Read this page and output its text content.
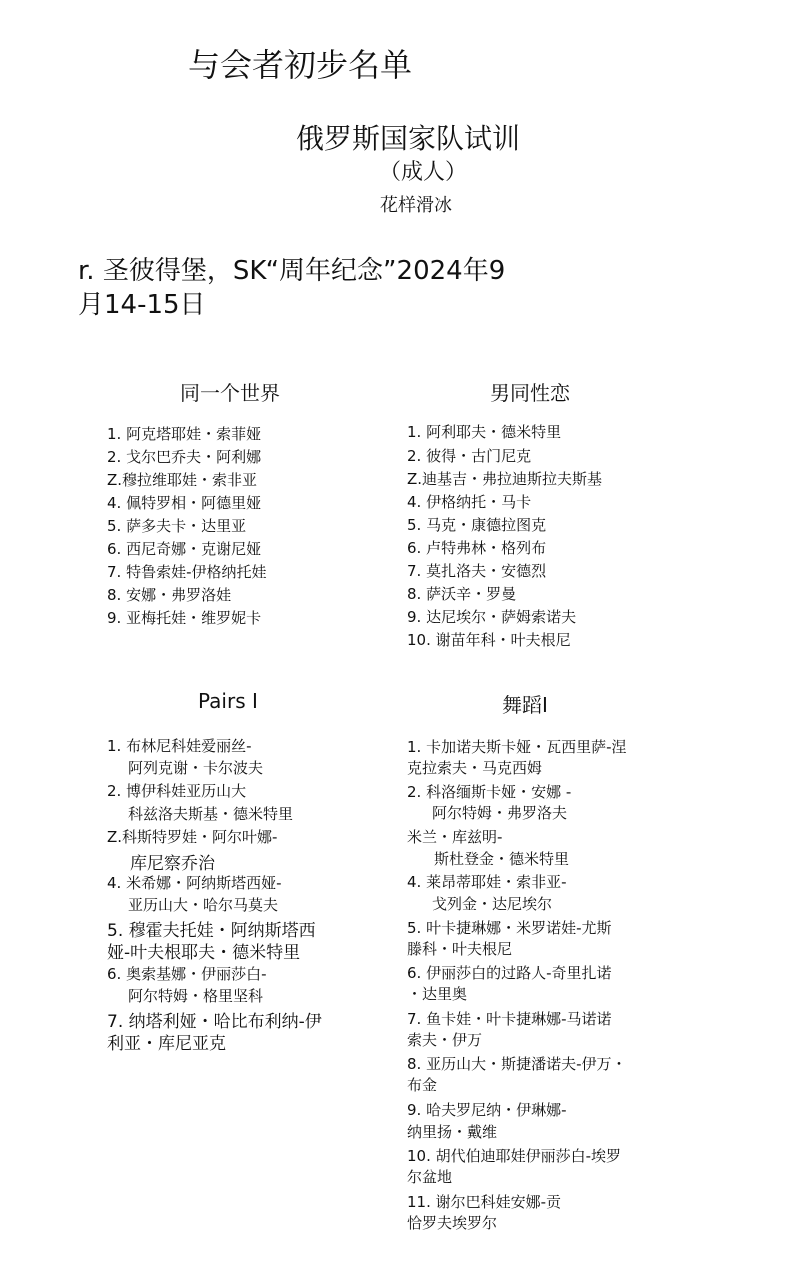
与会者初步名单
俄罗斯国家队试训
（成人）
花样滑冰
r. 圣彼得堡，SK“周年纪念”2024年9
月14-15日
同一个世界
1. 阿克塔耶娃・索菲娅
2. 戈尔巴乔夫・阿利娜
Z.穆拉维耶娃・索非亚
4. 佩特罗相・阿德里娅
5. 萨多夫卡・达里亚
6. 西尼奇娜・克谢尼娅
7. 特鲁索娃-伊格纳托娃
8. 安娜・弗罗洛娃
9. 亚梅托娃・维罗妮卡
男同性恋
1. 阿利耶夫・德米特里
2. 彼得・古门尼克
Z.迪基吉・弗拉迪斯拉夫斯基
4. 伊格纳托・马卡
5. 马克・康德拉图克
6. 卢特弗林・格列布
7. 莫扎洛夫・安德烈
8. 萨沃辛・罗曼
9. 达尼埃尔・萨姆索诺夫
10. 谢苗年科・叶夫根尼
Pairs I
1. 布林尼科娃爱丽丝-
阿列克谢・卡尔波夫
2. 博伊科娃亚历山大
科兹洛夫斯基・德米特里
Z.科斯特罗娃・阿尔叶娜-
库尼察乔治
4. 米希娜・阿纳斯塔西娅-
亚历山大・哈尔马莫夫
5. 穆霍夫托娃・阿纳斯塔西
娅-叶夫根耶夫・德米特里
6. 奥索基娜・伊丽莎白-
阿尔特姆・格里坚科
7. 纳塔利娅・哈比布利纳-伊
利亚・库尼亚克
舞蹈I
1. 卡加诺夫斯卡娅・瓦西里萨-涅
克拉索夫・马克西姆
2. 科洛缅斯卡娅・安娜 -
阿尔特姆・弗罗洛夫
米兰・库兹明-
斯杜登金・德米特里
4. 莱昂蒂耶娃・索非亚-
戈列金・达尼埃尔
5. 叶卡捷琳娜・米罗诺娃-尤斯
滕科・叶夫根尼
6. 伊丽莎白的过路人-奇里扎诺
・达里奥
7. 鱼卡娃・叶卡捷琳娜-马诺诺
索夫・伊万
8. 亚历山大・斯捷潘诺夫-伊万・
布金
9. 哈夫罗尼纳・伊琳娜-
纳里扬・戴维
10. 胡代伯迪耶娃伊丽莎白-埃罗
尔盆地
11. 谢尔巴科娃安娜-贡
恰罗夫埃罗尔
